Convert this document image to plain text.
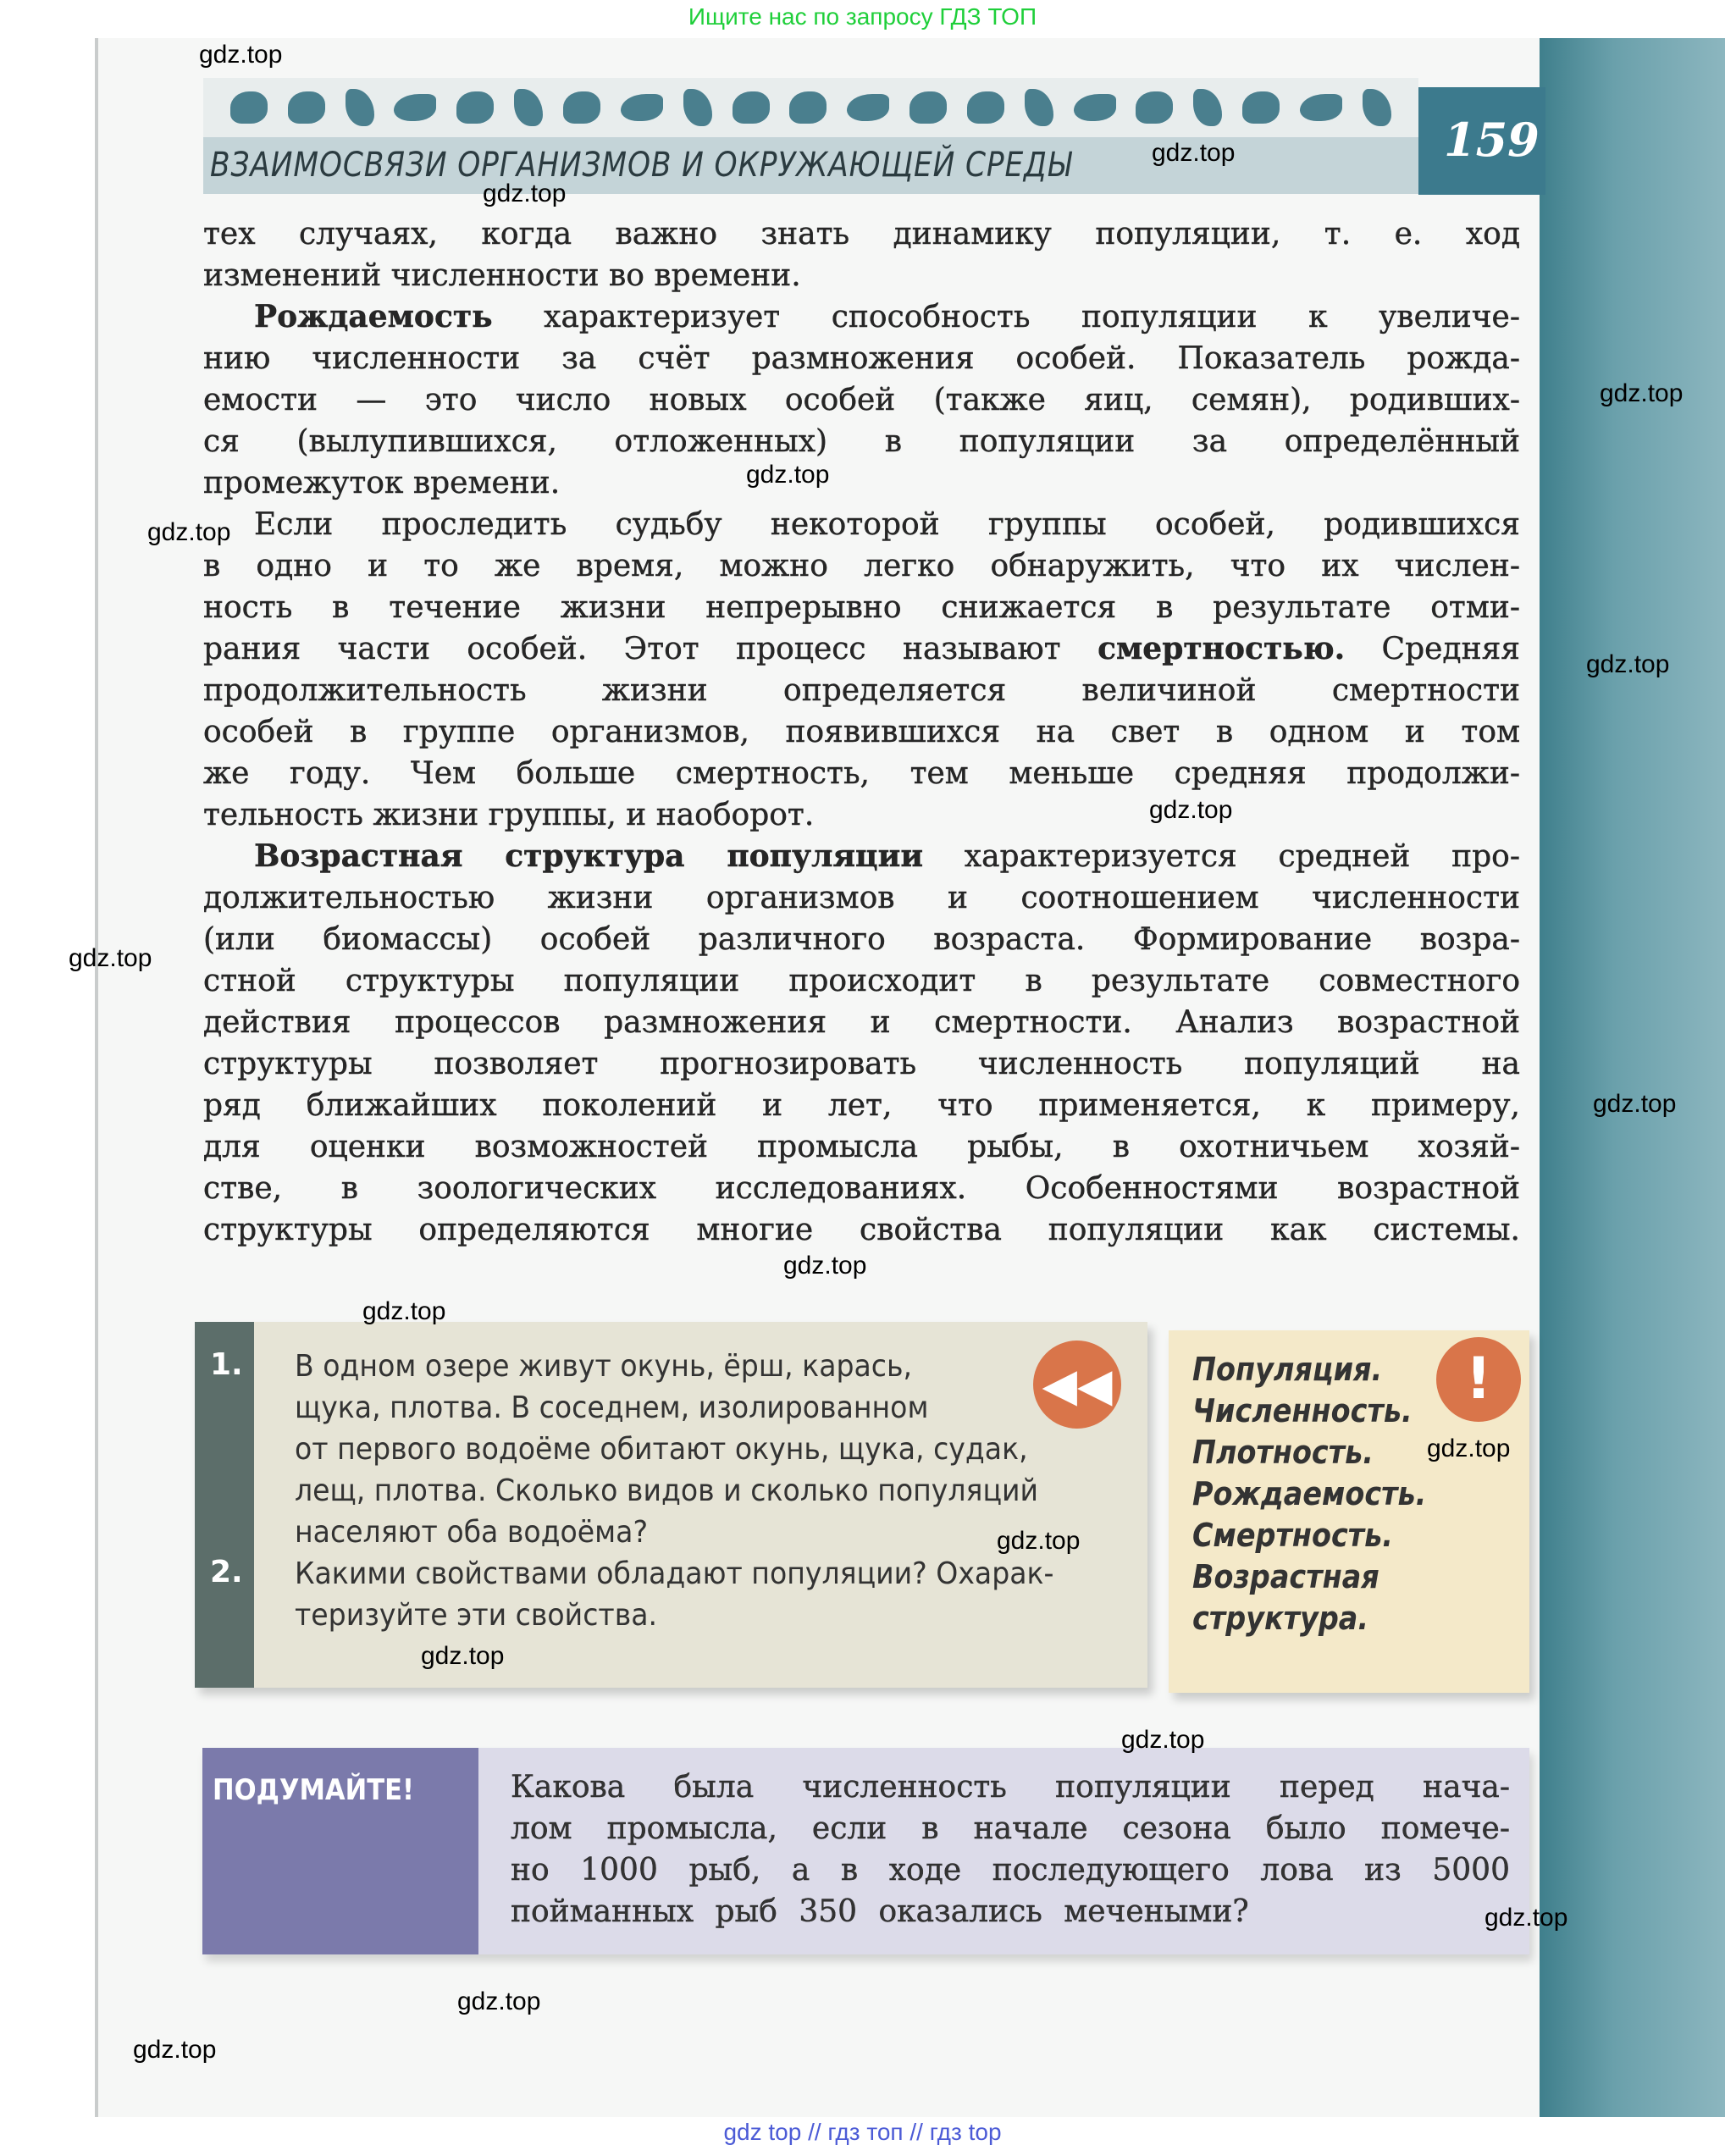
Ищите нас по запросу ГДЗ ТОП
ВЗАИМОСВЯЗИ ОРГАНИЗМОВ И ОКРУЖАЮЩЕЙ СРЕДЫ	159
тех случаях, когда важно знать динамику популяции, т. е. ход
изменений численности во времени.
Рождаемость характеризует способность популяции к увеличе-
нию численности за счёт размножения особей. Показатель рожда-
емости — это число новых особей (также яиц, семян), родивших-
ся (вылупившихся, отложенных) в популяции за определённый
промежуток времени.
Если проследить судьбу некоторой группы особей, родившихся
в одно и то же время, можно легко обнаружить, что их числен-
ность в течение жизни непрерывно снижается в результате отми-
рания части особей. Этот процесс называют смертностью. Средняя
продолжительность жизни определяется величиной смертности
особей в группе организмов, появившихся на свет в одном и том
же году. Чем больше смертность, тем меньше средняя продолжи-
тельность жизни группы, и наоборот.
Возрастная структура популяции характеризуется средней про-
должительностью жизни организмов и соотношением численности
(или биомассы) особей различного возраста. Формирование возра-
стной структуры популяции происходит в результате совместного
действия процессов размножения и смертности. Анализ возрастной
структуры позволяет прогнозировать численность популяций на
ряд ближайших поколений и лет, что применяется, к примеру,
для оценки возможностей промысла рыбы, в охотничьем хозяй-
стве, в зоологических исследованиях. Особенностями возрастной
структуры определяются многие свойства популяции как системы.
1.
2.
В одном озере живут окунь, ёрш, карась,
щука, плотва. В соседнем, изолированном
от первого водоёме обитают окунь, щука, судак,
лещ, плотва. Сколько видов и сколько популяций
населяют оба водоёма?
Какими свойствами обладают популяции? Охарак-
теризуйте эти свойства.
◀◀	!
Популяция.
Численность.
Плотность.
Рождаемость.
Смертность.
Возрастная
структура.
ПОДУМАЙТЕ!	Какова была численность популяции перед нача-
лом промысла, если в начале сезона было помече-
но 1000 рыб, а в ходе последующего лова из 5000
пойманных рыб 350 оказались мечеными?
gdz.top
gdz.top
gdz.top
gdz.top
gdz.top
gdz.top
gdz.top
gdz.top
gdz.top
gdz.top
gdz.top
gdz.top
gdz.top
gdz.top
gdz.top
gdz.top
gdz.top
gdz.top
gdz.top
gdz top // гдз топ // гдз top
